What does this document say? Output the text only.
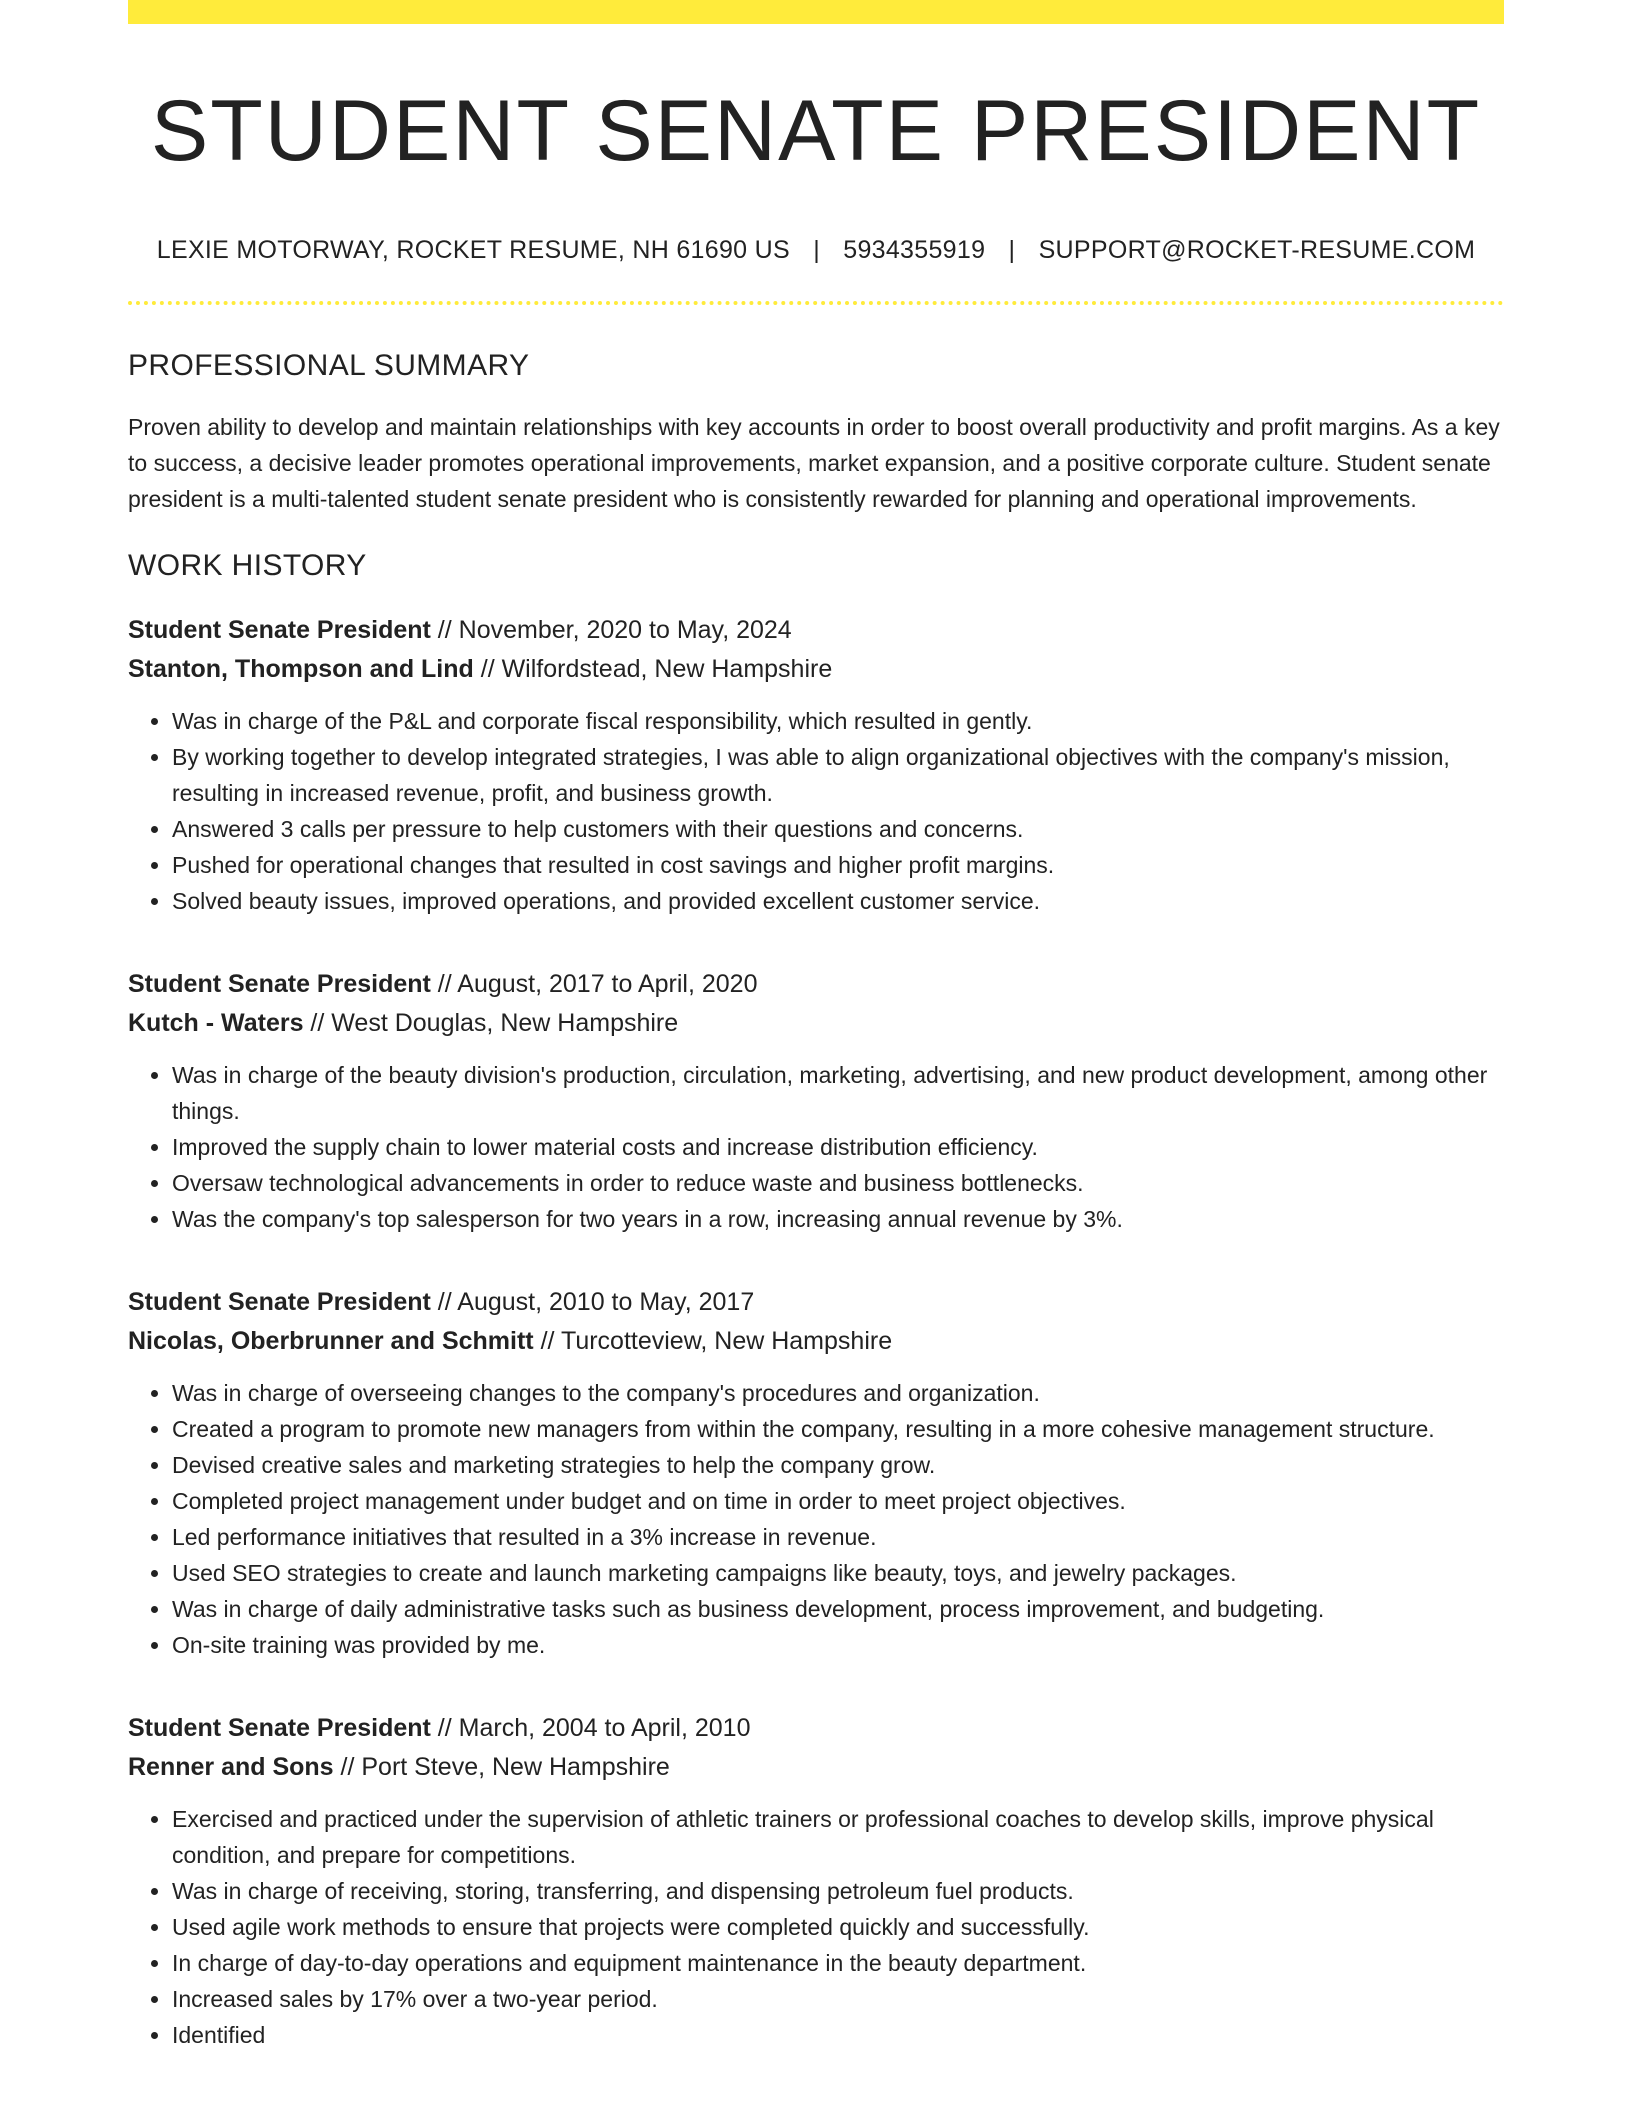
STUDENT SENATE PRESIDENT
LEXIE MOTORWAY, ROCKET RESUME, NH 61690 US | 5934355919 | SUPPORT@ROCKET-RESUME.COM
PROFESSIONAL SUMMARY

Proven ability to develop and maintain relationships with key accounts in order to boost overall productivity and profit margins. As a key to success, a decisive leader promotes operational improvements, market expansion, and a positive corporate culture. Student senate president is a multi-talented student senate president who is consistently rewarded for planning and operational improvements.

WORK HISTORY
Student Senate President // November, 2020 to May, 2024
Stanton, Thompson and Lind // Wilfordstead, New Hampshire
• Was in charge of the P&L and corporate fiscal responsibility, which resulted in gently.
• By working together to develop integrated strategies, I was able to align organizational objectives with the company's mission, resulting in increased revenue, profit, and business growth.
• Answered 3 calls per pressure to help customers with their questions and concerns.
• Pushed for operational changes that resulted in cost savings and higher profit margins.
• Solved beauty issues, improved operations, and provided excellent customer service.
Student Senate President // August, 2017 to April, 2020
Kutch - Waters // West Douglas, New Hampshire
• Was in charge of the beauty division's production, circulation, marketing, advertising, and new product development, among other things.
• Improved the supply chain to lower material costs and increase distribution efficiency.
• Oversaw technological advancements in order to reduce waste and business bottlenecks.
• Was the company's top salesperson for two years in a row, increasing annual revenue by 3%.
Student Senate President // August, 2010 to May, 2017
Nicolas, Oberbrunner and Schmitt // Turcotteview, New Hampshire
• Was in charge of overseeing changes to the company's procedures and organization.
• Created a program to promote new managers from within the company, resulting in a more cohesive management structure.
• Devised creative sales and marketing strategies to help the company grow.
• Completed project management under budget and on time in order to meet project objectives.
• Led performance initiatives that resulted in a 3% increase in revenue.
• Used SEO strategies to create and launch marketing campaigns like beauty, toys, and jewelry packages.
• Was in charge of daily administrative tasks such as business development, process improvement, and budgeting.
• On-site training was provided by me.
Student Senate President // March, 2004 to April, 2010
Renner and Sons // Port Steve, New Hampshire
• Exercised and practiced under the supervision of athletic trainers or professional coaches to develop skills, improve physical condition, and prepare for competitions.
• Was in charge of receiving, storing, transferring, and dispensing petroleum fuel products.
• Used agile work methods to ensure that projects were completed quickly and successfully.
• In charge of day-to-day operations and equipment maintenance in the beauty department.
• Increased sales by 17% over a two-year period.
• Identified
